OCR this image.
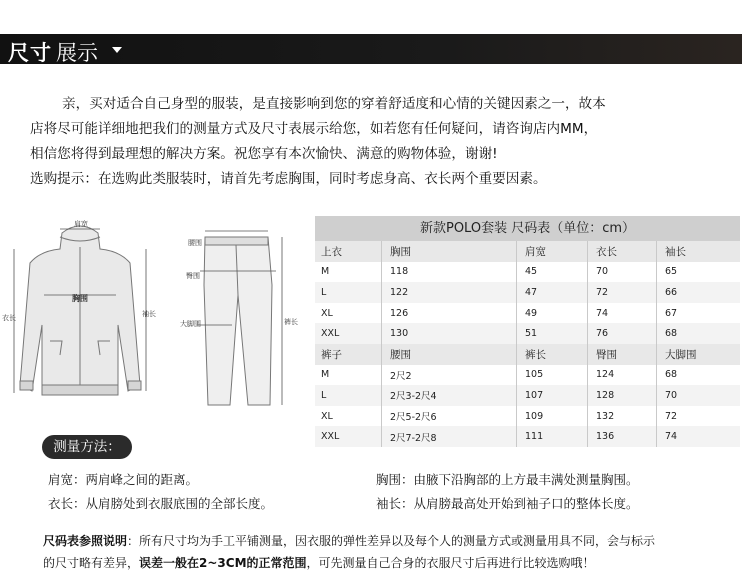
尺寸 展示

亲，买对适合自己身型的服装，是直接影响到您的穿着舒适度和心情的关键因素之一，故本

店将尽可能详细地把我们的测量方式及尺寸表展示给您，如若您有任何疑问，请咨询店内MM，

相信您将得到最理想的解决方案。祝您享有本次愉快、满意的购物体验，谢谢!

选购提示：在选购此类服装时，请首先考虑胸围，同时考虑身高、衣长两个重要因素。

肩宽
胸围
衣长	袖长
腰围
臀围
大脚围	裤长
新款POLO套装 尺码表（单位：cm）
上衣	胸围	肩宽	衣长	袖长
M	118	45	70	65
L	122	47	72	66
XL	126	49	74	67
XXL	130	51	76	68
裤子	腰围	裤长	臀围	大脚围
M	2尺2	105	124	68
L	2尺3-2尺4	107	128	70
XL	2尺5-2尺6	109	132	72
XXL	2尺7-2尺8	111	136	74
测量方法：
肩宽：两肩峰之间的距离。	胸围：由腋下沿胸部的上方最丰满处测量胸围。
衣长：从肩膀处到衣服底围的全部长度。	袖长：从肩膀最高处开始到袖子口的整体长度。
尺码表参照说明：所有尺寸均为手工平铺测量，因衣服的弹性差异以及每个人的测量方式或测量用具不同，会与标示
的尺寸略有差异，误差一般在2~3CM的正常范围，可先测量自己合身的衣服尺寸后再进行比较选购哦！
